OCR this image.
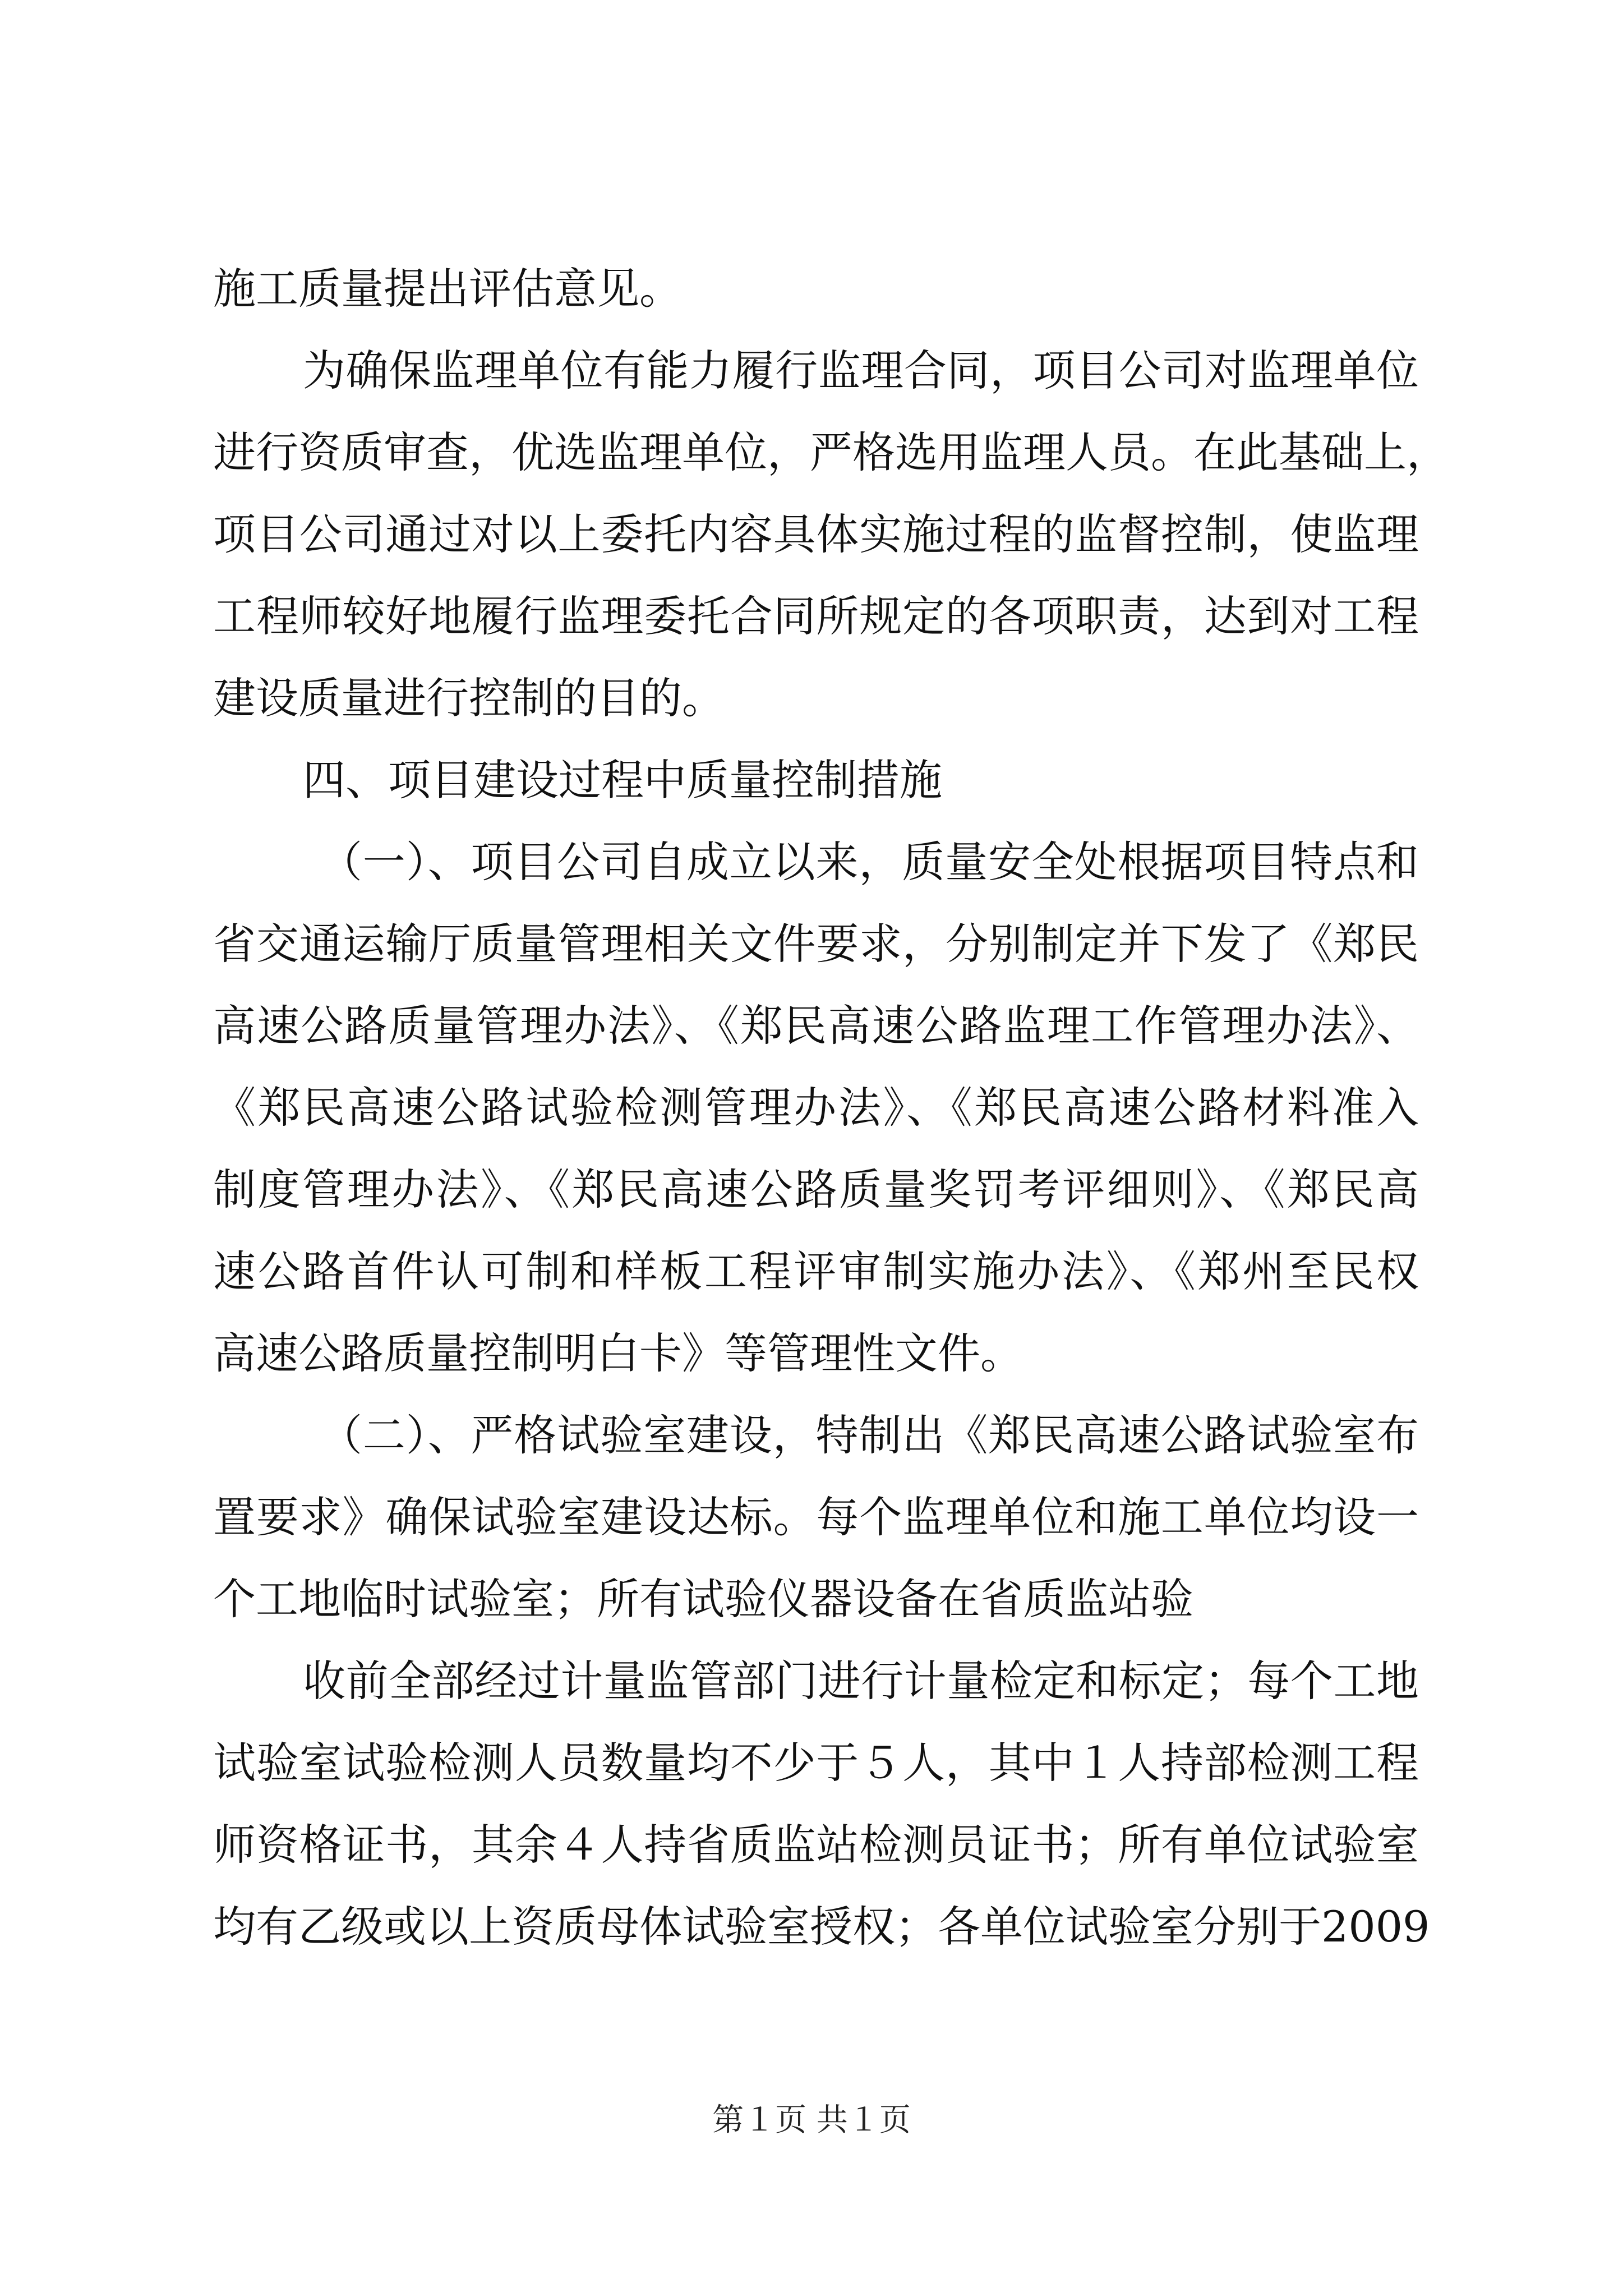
施工质量提出评估意见。
为确保监理单位有能力履行监理合同，项目公司对监理单位
进行资质审查，优选监理单位，严格选用监理人员。在此基础上，
项目公司通过对以上委托内容具体实施过程的监督控制，使监理
工程师较好地履行监理委托合同所规定的各项职责，达到对工程
建设质量进行控制的目的。
四、项目建设过程中质量控制措施
（一）、项目公司自成立以来，质量安全处根据项目特点和
省交通运输厅质量管理相关文件要求，分别制定并下发了《郑民
高速公路质量管理办法》、《郑民高速公路监理工作管理办法》、
《郑民高速公路试验检测管理办法》、《郑民高速公路材料准入
制度管理办法》、《郑民高速公路质量奖罚考评细则》、《郑民高
速公路首件认可制和样板工程评审制实施办法》、《郑州至民权
高速公路质量控制明白卡》等管理性文件。
（二）、严格试验室建设，特制出《郑民高速公路试验室布
置要求》确保试验室建设达标。每个监理单位和施工单位均设一
个工地临时试验室；所有试验仪器设备在省质监站验
收前全部经过计量监管部门进行计量检定和标定；每个工地
试验室试验检测人员数量均不少于５人，其中１人持部检测工程
师资格证书，其余４人持省质监站检测员证书；所有单位试验室
均有乙级或以上资质母体试验室授权；各单位试验室分别于2009
第１页 共１页
